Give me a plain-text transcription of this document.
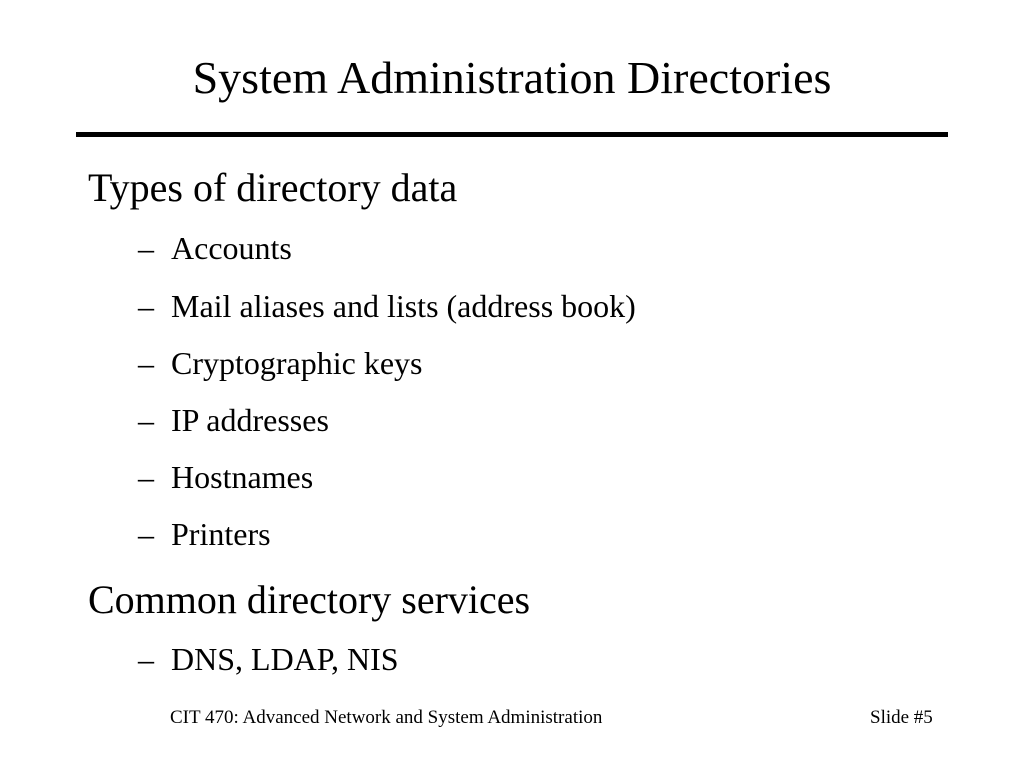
System Administration Directories
Types of directory data
– Accounts
– Mail aliases and lists (address book)
– Cryptographic keys
– IP addresses
– Hostnames
– Printers
Common directory services
– DNS, LDAP, NIS
CIT 470: Advanced Network and System Administration	Slide #5
